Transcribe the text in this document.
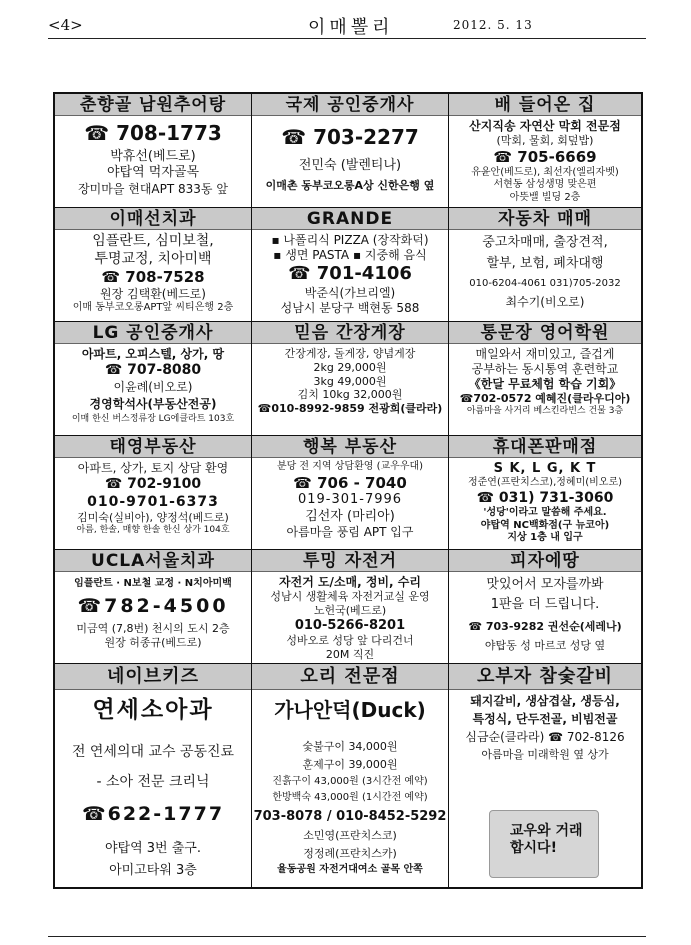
<4>	이매뽈리	2012. 5. 13
춘향골 남원추어탕
☎ 708-1773
박휴선(베드로)
야탑역 먹자골목
장미마을 현대APT 833동 앞
국제 공인중개사
☎ 703-2277
전민숙 (발렌티나)
이매촌 동부코오롱A상 신한은행 옆
배 들어온 집
산지직송 자연산 막회 전문점
(막회, 물회, 회덮밥)
☎ 705-6669
유윤안(베드로), 최선자(엘리자벳)
서현동 삼성생명 맞은편
아뜻밸 빌딩 2층
이매선치과
임플란트, 심미보철,
투명교정, 치아미백
☎ 708-7528
원장 김택환(베드로)
이매 동부코오롱APT앞 씨티은행 2층
GRANDE
▪ 나폴리식 PIZZA (장작화덕)
▪ 생면 PASTA ▪ 지중해 음식
☎ 701-4106
박준식(가브리엘)
성남시 분당구 백현동 588
자동차 매매
중고차매매, 출장견적,
할부, 보험, 폐차대행
010-6204-4061 031)705-2032
최수기(비오로)
LG 공인중개사
아파트, 오피스텔, 상가, 땅
☎ 707-8080
이윤례(비오로)
경영학석사(부동산전공)
이매 한신 버스정류장 LG에클라트 103호
믿음 간장게장
간장게장, 돌게장, 양념게장
2kg 29,000원
3kg 49,000원
김치 10kg 32,000원
☎010-8992-9859 전광희(클라라)
통문장 영어학원
매일와서 재미있고, 즐겁게
공부하는 동시통역 훈련학교
《한달 무료체험 학습 기회》
☎702-0572 예혜진(클라우디아)
아름마을 사거리 베스킨라빈스 건물 3층
태영부동산
아파트, 상가, 토지 상담 환영
☎ 702-9100
010-9701-6373
김미숙(실비아), 양정석(베드로)
아름, 한솔, 매향 한솔 한신 상가 104호
행복 부동산
분당 전 지역 상담환영 (교우우대)
☎ 706 - 7040
019-301-7996
김선자 (마리아)
아름마을 풍림 APT 입구
휴대폰판매점
S K, L G, K T
정준연(프란치스코),정혜미(비오로)
☎ 031) 731-3060
'성당'이라고 말씀해 주세요.
야탑역 NC백화점(구 뉴코아)
지상 1층 내 입구
UCLA서울치과
임플란트 · N보철 교정 · N치아미백
☎782-4500
미금역 (7,8번) 천시의 도시 2층
원장 허종규(베드로)
투밍 자전거
자전거 도/소매, 정비, 수리
성남시 생활체육 자전거교실 운영
노헌국(베드로)
010-5266-8201
성바오로 성당 앞 다리건너
20M 직진
피자에땅
맛있어서 모자를까봐
1판을 더 드립니다.
☎ 703-9282 권선순(세레나)
야탑동 성 마르코 성당 옆
네이브키즈
연세소아과
전 연세의대 교수 공동진료
- 소아 전문 크리닉
☎622-1777
야탑역 3번 출구.
아미고타워 3층
오리 전문점
가나안덕(Duck)
숯불구이 34,000원
훈제구이 39,000원
진흙구이 43,000원 (3시간전 예약)
한방백숙 43,000원 (1시간전 예약)
703-8078 / 010-8452-5292
소민영(프란치스코)
정정례(프란치스카)
율동공원 자전거대여소 골목 안쪽
오부자 참숯갈비
돼지갈비, 생삼겹살, 생등심,
특정식, 단두전골, 비빔전골
심금순(클라라) ☎ 702-8126
아름마을 미래학원 옆 상가
교우와 거래 합시다!
